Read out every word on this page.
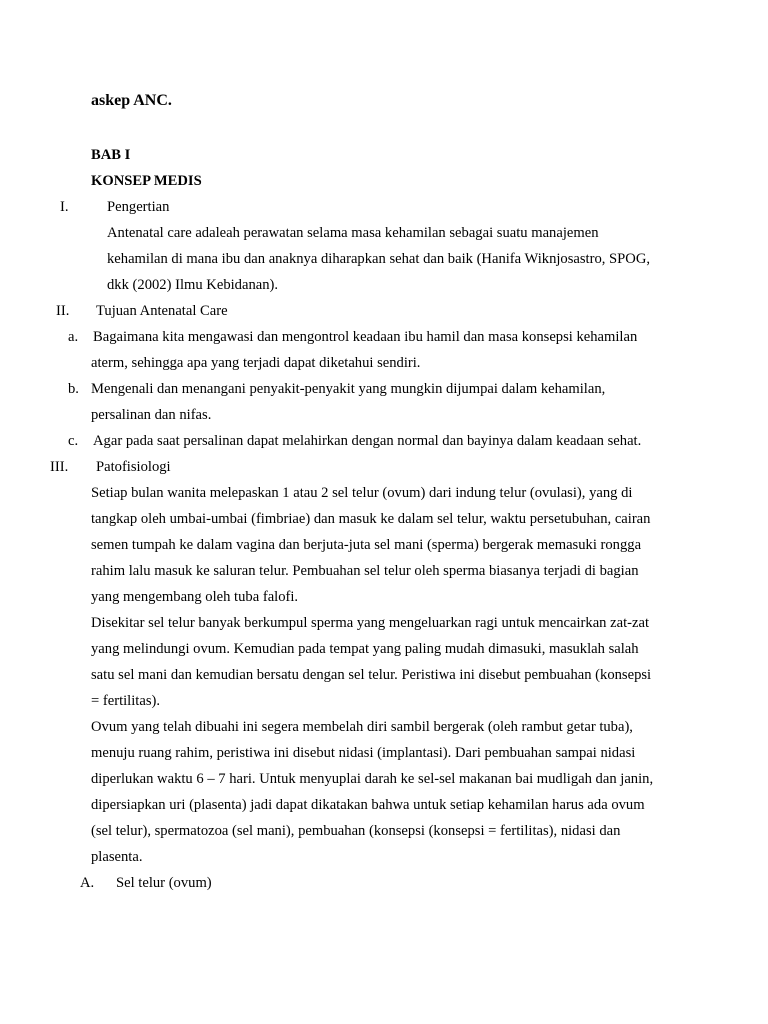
askep ANC.
BAB I
KONSEP MEDIS
I.	Pengertian
Antenatal care adaleah perawatan selama masa kehamilan sebagai suatu manajemen
kehamilan di mana ibu dan anaknya diharapkan sehat dan baik (Hanifa Wiknjosastro, SPOG,
dkk (2002) Ilmu Kebidanan).
II. Tujuan Antenatal Care
a. Bagaimana kita mengawasi dan mengontrol keadaan ibu hamil dan masa konsepsi kehamilan
aterm, sehingga apa yang terjadi dapat diketahui sendiri.
b. Mengenali dan menangani penyakit-penyakit yang mungkin dijumpai dalam kehamilan,
persalinan dan nifas.
c. Agar pada saat persalinan dapat melahirkan dengan normal dan bayinya dalam keadaan sehat.
III. Patofisiologi
Setiap bulan wanita melepaskan 1 atau 2 sel telur (ovum) dari indung telur (ovulasi), yang di
tangkap oleh umbai-umbai (fimbriae) dan masuk ke dalam sel telur, waktu persetubuhan, cairan
semen tumpah ke dalam vagina dan berjuta-juta sel mani (sperma) bergerak memasuki rongga
rahim lalu masuk ke saluran telur. Pembuahan sel telur oleh sperma biasanya terjadi di bagian
yang mengembang oleh tuba falofi.
Disekitar sel telur banyak berkumpul sperma yang mengeluarkan ragi untuk mencairkan zat-zat
yang melindungi ovum. Kemudian pada tempat yang paling mudah dimasuki, masuklah salah
satu sel mani dan kemudian bersatu dengan sel telur. Peristiwa ini disebut pembuahan (konsepsi
= fertilitas).
Ovum yang telah dibuahi ini segera membelah diri sambil bergerak (oleh rambut getar tuba),
menuju ruang rahim, peristiwa ini disebut nidasi (implantasi). Dari pembuahan sampai nidasi
diperlukan waktu 6 – 7 hari. Untuk menyuplai darah ke sel-sel makanan bai mudligah dan janin,
dipersiapkan uri (plasenta) jadi dapat dikatakan bahwa untuk setiap kehamilan harus ada ovum
(sel telur), spermatozoa (sel mani), pembuahan (konsepsi (konsepsi = fertilitas), nidasi dan
plasenta.
A. Sel telur (ovum)
